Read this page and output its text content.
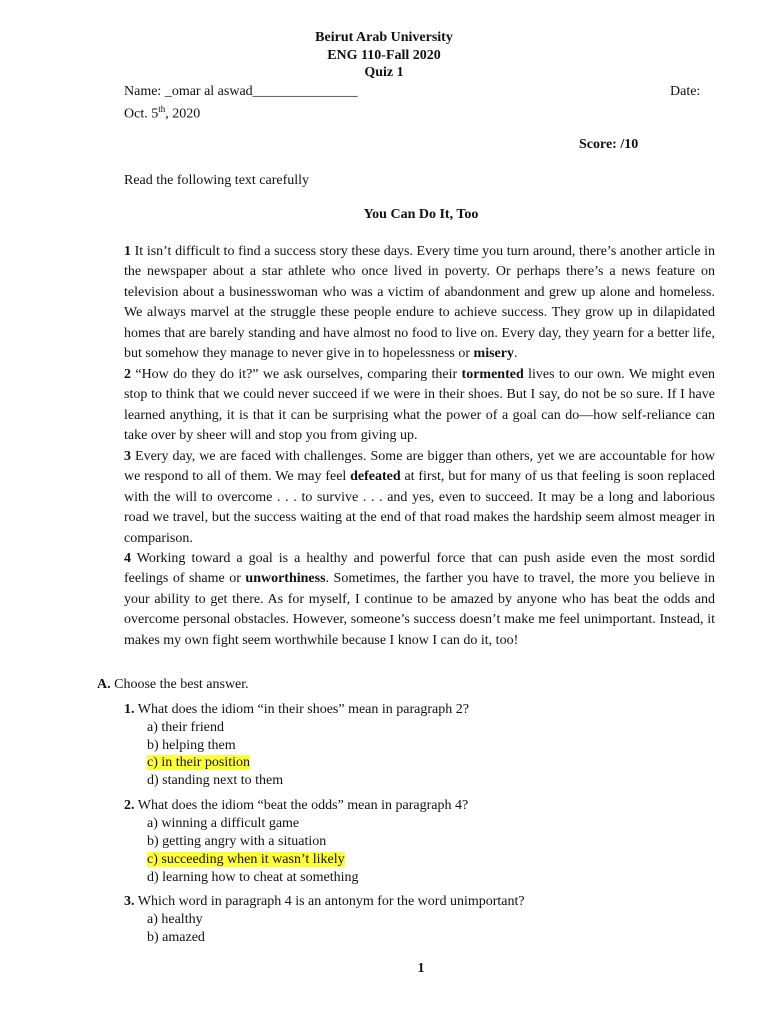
Beirut Arab University
ENG 110-Fall 2020
Quiz 1
Name: _omar al aswad_______________	Date:
Oct. 5th, 2020
Score: /10
Read the following text carefully
You Can Do It, Too

1 It isn’t difficult to find a success story these days. Every time you turn around, there’s another article in the newspaper about a star athlete who once lived in poverty. Or perhaps there’s a news feature on television about a businesswoman who was a victim of abandonment and grew up alone and homeless. We always marvel at the struggle these people endure to achieve success. They grow up in dilapidated homes that are barely standing and have almost no food to live on. Every day, they yearn for a better life, but somehow they manage to never give in to hopelessness or misery.

2 “How do they do it?” we ask ourselves, comparing their tormented lives to our own. We might even stop to think that we could never succeed if we were in their shoes. But I say, do not be so sure. If I have learned anything, it is that it can be surprising what the power of a goal can do—how self-reliance can take over by sheer will and stop you from giving up.

3 Every day, we are faced with challenges. Some are bigger than others, yet we are accountable for how we respond to all of them. We may feel defeated at first, but for many of us that feeling is soon replaced with the will to overcome . . . to survive . . . and yes, even to succeed. It may be a long and laborious road we travel, but the success waiting at the end of that road makes the hardship seem almost meager in comparison.

4 Working toward a goal is a healthy and powerful force that can push aside even the most sordid feelings of shame or unworthiness. Sometimes, the farther you have to travel, the more you believe in your ability to get there. As for myself, I continue to be amazed by anyone who has beat the odds and overcome personal obstacles. However, someone’s success doesn’t make me feel unimportant. Instead, it makes my own fight seem worthwhile because I know I can do it, too!

A. Choose the best answer.
1. What does the idiom “in their shoes” mean in paragraph 2?
a) their friend
b) helping them
c) in their position
d) standing next to them
2. What does the idiom “beat the odds” mean in paragraph 4?
a) winning a difficult game
b) getting angry with a situation
c) succeeding when it wasn’t likely
d) learning how to cheat at something
3. Which word in paragraph 4 is an antonym for the word unimportant?
a) healthy
b) amazed
1
